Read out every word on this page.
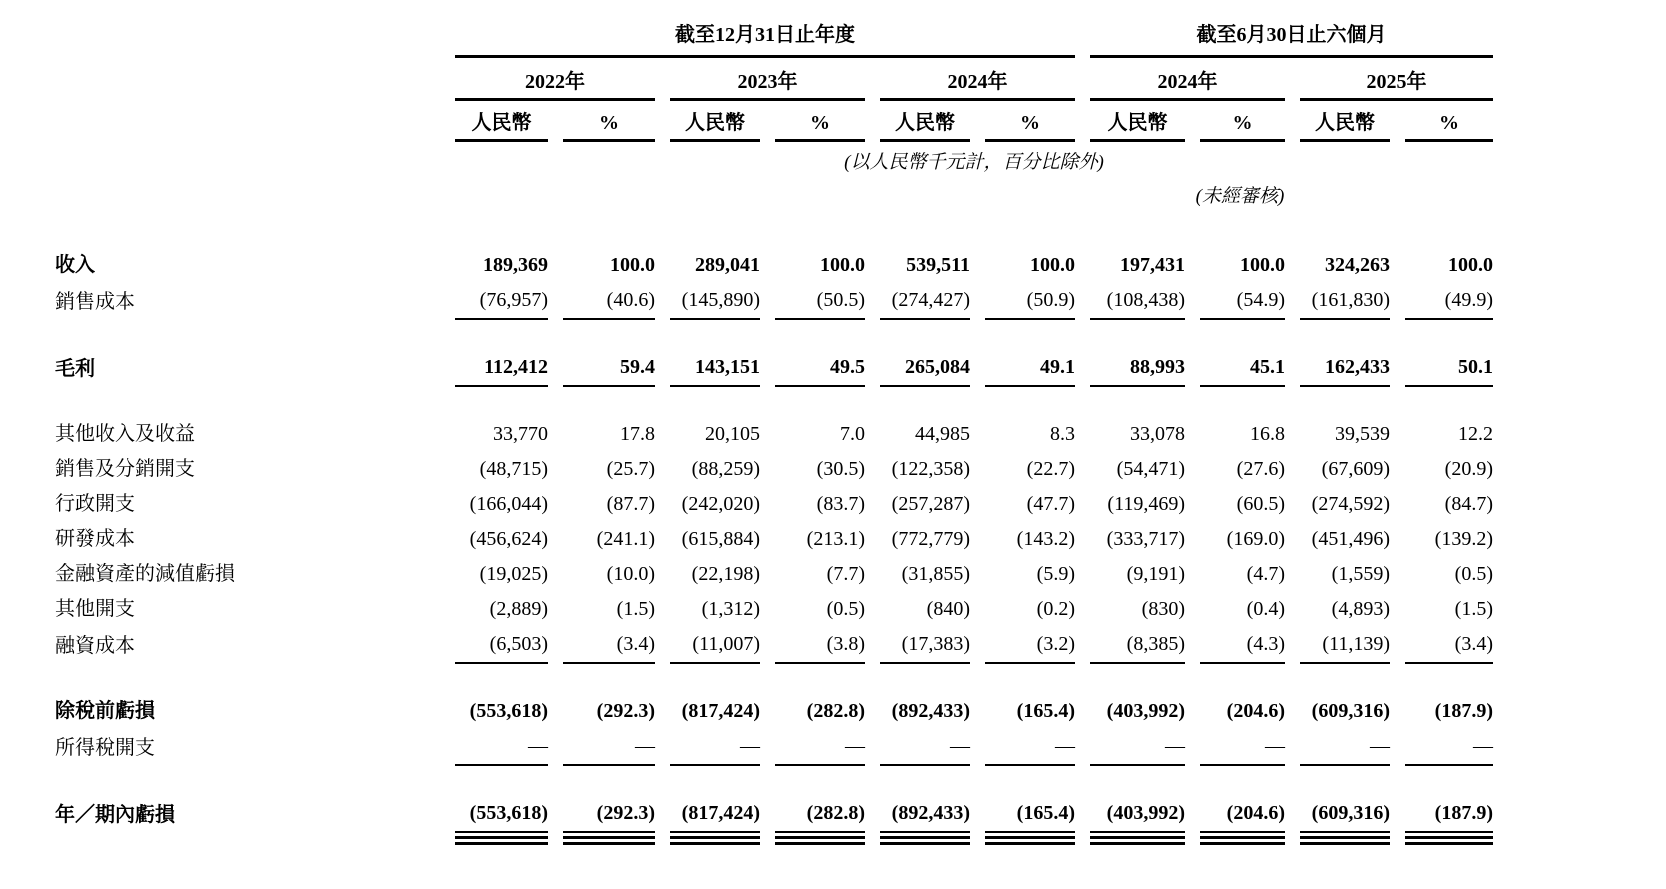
截至12月31日止年度	截至6月30日止六個月
2022年	2023年	2024年	2024年	2025年
人民幣	%	人民幣	%	人民幣	%	人民幣	%	人民幣	%
(以人民幣千元計，百分比除外)
(未經審核)
收入	189,369	100.0	289,041	100.0	539,511	100.0	197,431	100.0	324,263	100.0
銷售成本	(76,957)	(40.6)	(145,890)	(50.5)	(274,427)	(50.9)	(108,438)	(54.9)	(161,830)	(49.9)
毛利	112,412	59.4	143,151	49.5	265,084	49.1	88,993	45.1	162,433	50.1
其他收入及收益	33,770	17.8	20,105	7.0	44,985	8.3	33,078	16.8	39,539	12.2
銷售及分銷開支	(48,715)	(25.7)	(88,259)	(30.5)	(122,358)	(22.7)	(54,471)	(27.6)	(67,609)	(20.9)
行政開支	(166,044)	(87.7)	(242,020)	(83.7)	(257,287)	(47.7)	(119,469)	(60.5)	(274,592)	(84.7)
研發成本	(456,624)	(241.1)	(615,884)	(213.1)	(772,779)	(143.2)	(333,717)	(169.0)	(451,496)	(139.2)
金融資產的減值虧損	(19,025)	(10.0)	(22,198)	(7.7)	(31,855)	(5.9)	(9,191)	(4.7)	(1,559)	(0.5)
其他開支	(2,889)	(1.5)	(1,312)	(0.5)	(840)	(0.2)	(830)	(0.4)	(4,893)	(1.5)
融資成本	(6,503)	(3.4)	(11,007)	(3.8)	(17,383)	(3.2)	(8,385)	(4.3)	(11,139)	(3.4)
除稅前虧損	(553,618)	(292.3)	(817,424)	(282.8)	(892,433)	(165.4)	(403,992)	(204.6)	(609,316)	(187.9)
所得稅開支	—	—	—	—	—	—	—	—	—	—
年／期內虧損	(553,618)	(292.3)	(817,424)	(282.8)	(892,433)	(165.4)	(403,992)	(204.6)	(609,316)	(187.9)
